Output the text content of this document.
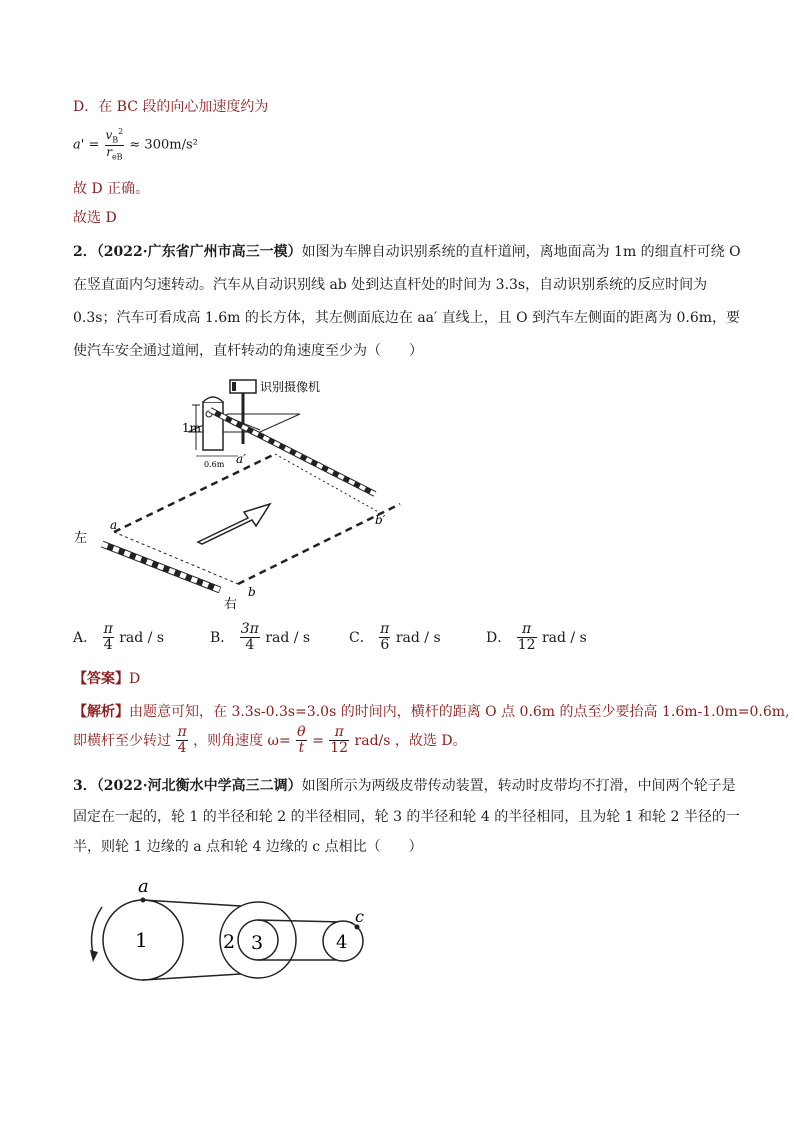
D．在 BC 段的向心加速度约为
$a' = \frac{v_B^2}{r_{eB}} \approx 300m/s^2$
故 D 正确。
故选 D
2．（2022·广东省广州市高三一模）如图为车牌自动识别系统的直杆道闸，离地面高为 1m 的细直杆可绕 O
在竖直面内匀速转动。汽车从自动识别线 ab 处到达直杆处的时间为 3.3s，自动识别系统的反应时间为
0.3s；汽车可看成高 1.6m 的长方体，其左侧面底边在 aa′ 直线上，且 O 到汽车左侧面的距离为 0.6m，要
使汽车安全通过道闸，直杆转动的角速度至少为（　　）
识别摄像机
1m
0.6m a′
左
右
a
b
b′
A． $\frac{\pi}{4}$ rad / s	B． $\frac{3\pi}{4}$ rad / s	C． $\frac{\pi}{6}$ rad / s	D． $\frac{\pi}{12}$ rad / s
【答案】D
【解析】由题意可知，在 3.3s-0.3s=3.0s 的时间内，横杆的距离 O 点 0.6m 的点至少要抬高 1.6m-1.0m=0.6m,
即横杆至少转过 $\frac{\pi}{4}$ ，则角速度 $\omega= \frac{\theta}{t} = \frac{\pi}{12} rad/s$ ，故选 D。
3．（2022·河北衡水中学高三二调）如图所示为两级皮带传动装置，转动时皮带均不打滑，中间两个轮子是
固定在一起的，轮 1 的半径和轮 2 的半径相同，轮 3 的半径和轮 4 的半径相同，且为轮 1 和轮 2 半径的一
半，则轮 1 边缘的 a 点和轮 4 边缘的 c 点相比（　　）
a
c
1	2 3	4
